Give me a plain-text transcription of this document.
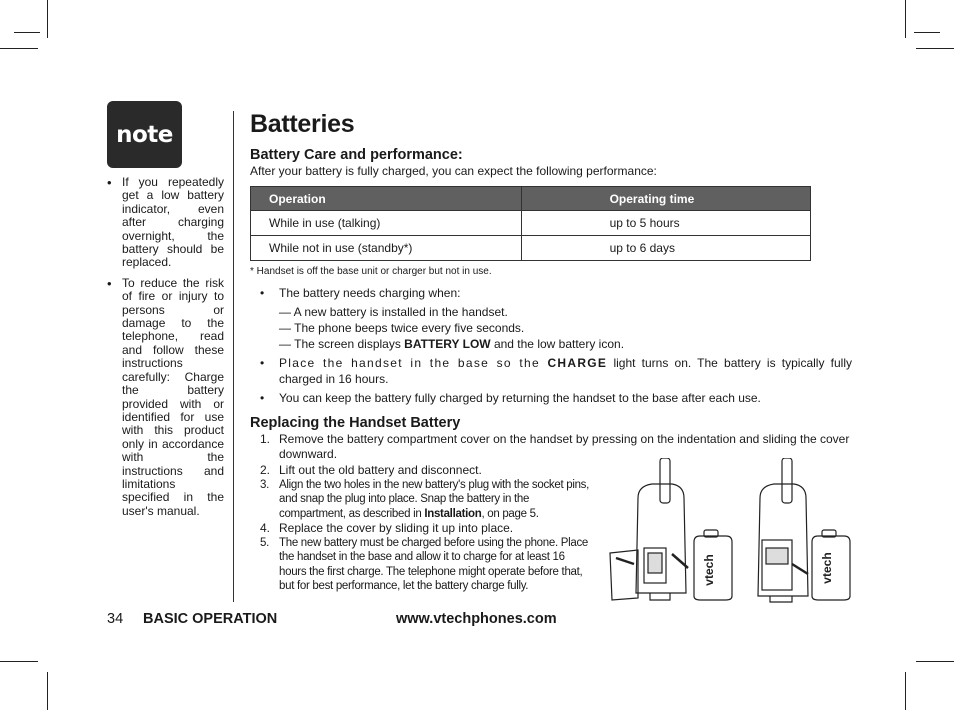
note
• If you repeatedly get a low battery indicator, even after charging overnight, the battery should be replaced.
• To reduce the risk of fire or injury to persons or damage to the telephone, read and follow these instructions carefully: Charge the battery provided with or identified for use with this product only in accordance with the instructions and limitations specified in the user's manual.
Batteries
Battery Care and performance:
After your battery is fully charged, you can expect the following performance:
Operation	Operating time
While in use (talking)	up to 5 hours
While not in use (standby*)	up to 6 days
* Handset is off the base unit or charger but not in use.
• The battery needs charging when:
— A new battery is installed in the handset.
— The phone beeps twice every five seconds.
— The screen displays BATTERY LOW and the low battery icon.
• Place the handset in the base so the CHARGE light turns on. The battery is typically fully charged in 16 hours.
• You can keep the battery fully charged by returning the handset to the base after each use.
Replacing the Handset Battery
1. Remove the battery compartment cover on the handset by pressing on the indentation and sliding the cover downward.
2. Lift out the old battery and disconnect.
3. Align the two holes in the new battery's plug with the socket pins, and snap the plug into place. Snap the battery in the compartment, as described in Installation, on page 5.
4. Replace the cover by sliding it up into place.
5. The new battery must be charged before using the phone. Place the handset in the base and allow it to charge for at least 16 hours the first charge. The telephone might operate before that, but for best performance, let the battery charge fully.
vtech	vtech
34 BASIC OPERATION	www.vtechphones.com
